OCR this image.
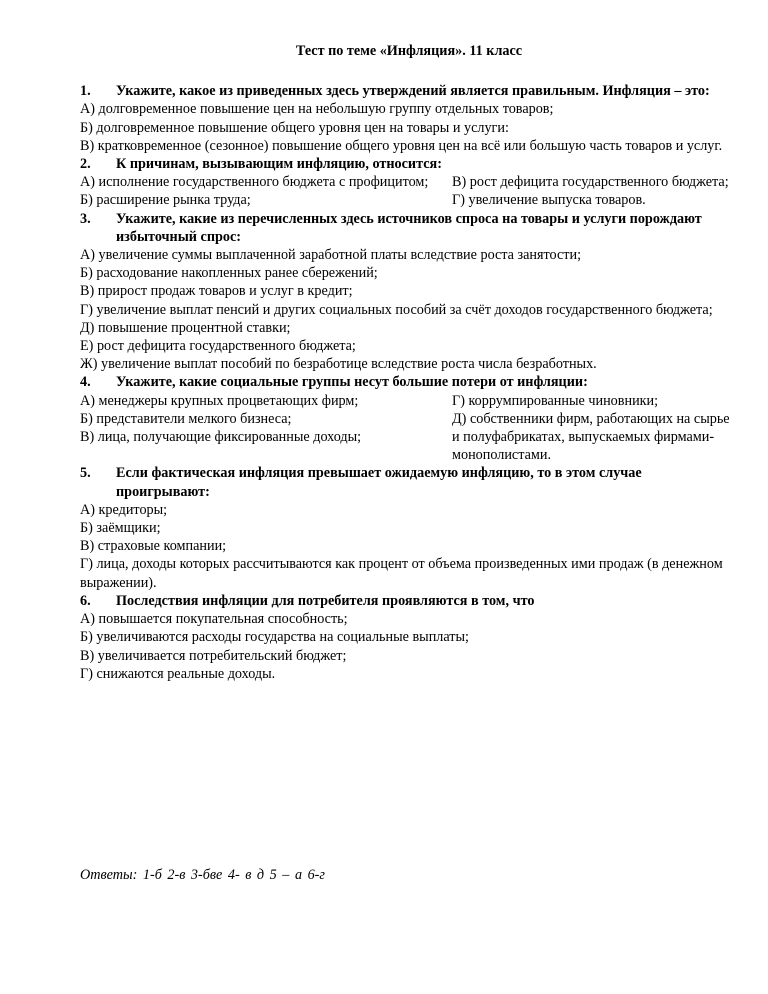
Тест по теме «Инфляция». 11 класс
1.	Укажите, какое из приведенных здесь утверждений является правильным. Инфляция – это:
А) долговременное повышение цен на небольшую группу отдельных товаров;
Б) долговременное повышение общего уровня цен на товары и услуги:
В) кратковременное (сезонное) повышение общего уровня цен на всё или большую часть товаров и услуг.
2.	К причинам, вызывающим инфляцию, относится:
А) исполнение государственного бюджета с профицитом;
Б) расширение рынка труда;
В) рост дефицита государственного бюджета;
Г) увеличение выпуска товаров.
3.	Укажите, какие из перечисленных здесь источников спроса на товары и услуги порождают избыточный спрос:
А) увеличение суммы выплаченной заработной платы вследствие роста занятости;
Б) расходование накопленных ранее сбережений;
В) прирост продаж товаров и услуг в кредит;
Г) увеличение выплат пенсий и других социальных пособий за счёт доходов государственного бюджета;
Д) повышение процентной ставки;
Е) рост дефицита государственного бюджета;
Ж) увеличение выплат пособий по безработице вследствие роста числа безработных.
4.	Укажите, какие социальные группы несут большие потери от инфляции:
А) менеджеры крупных процветающих фирм;
Б) представители мелкого бизнеса;
В) лица, получающие фиксированные доходы;
Г) коррумпированные чиновники;
Д) собственники фирм, работающих на сырье и полуфабрикатах, выпускаемых фирмами-монополистами.
5.	Если фактическая инфляция превышает ожидаемую инфляцию, то в этом случае проигрывают:
А) кредиторы;
Б) заёмщики;
В) страховые компании;
Г) лица, доходы которых рассчитываются как процент от объема произведенных ими продаж (в денежном выражении).
6.	Последствия инфляции для потребителя проявляются в том, что
А) повышается покупательная способность;
Б) увеличиваются расходы государства на социальные выплаты;
В) увеличивается потребительский бюджет;
Г) снижаются реальные доходы.
Ответы: 1-б 2-в 3-бве 4- в д 5 – а 6-г
